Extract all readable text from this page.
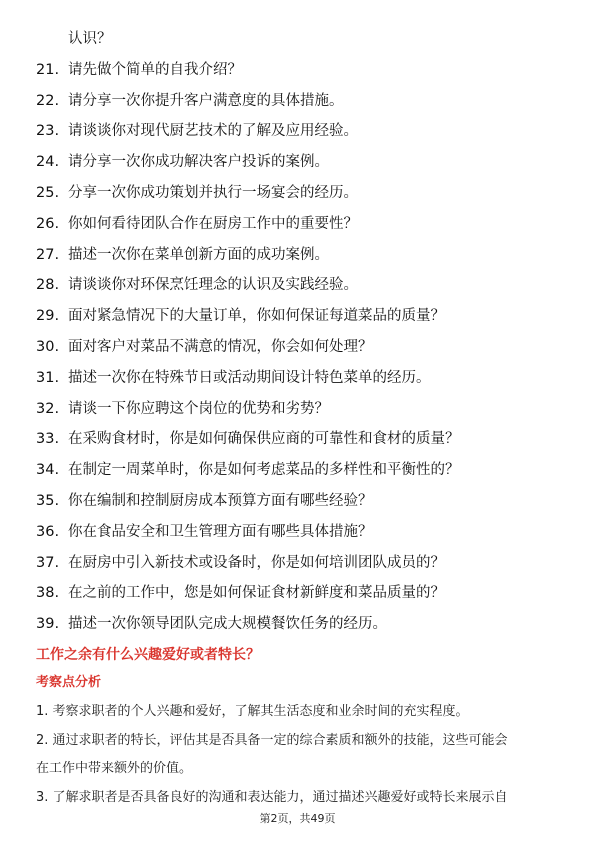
认识？
21. 请先做个简单的自我介绍？
22. 请分享一次你提升客户满意度的具体措施。
23. 请谈谈你对现代厨艺技术的了解及应用经验。
24. 请分享一次你成功解决客户投诉的案例。
25. 分享一次你成功策划并执行一场宴会的经历。
26. 你如何看待团队合作在厨房工作中的重要性？
27. 描述一次你在菜单创新方面的成功案例。
28. 请谈谈你对环保烹饪理念的认识及实践经验。
29. 面对紧急情况下的大量订单，你如何保证每道菜品的质量？
30. 面对客户对菜品不满意的情况，你会如何处理？
31. 描述一次你在特殊节日或活动期间设计特色菜单的经历。
32. 请谈一下你应聘这个岗位的优势和劣势？
33. 在采购食材时，你是如何确保供应商的可靠性和食材的质量？
34. 在制定一周菜单时，你是如何考虑菜品的多样性和平衡性的？
35. 你在编制和控制厨房成本预算方面有哪些经验？
36. 你在食品安全和卫生管理方面有哪些具体措施？
37. 在厨房中引入新技术或设备时，你是如何培训团队成员的？
38. 在之前的工作中，您是如何保证食材新鲜度和菜品质量的？
39. 描述一次你领导团队完成大规模餐饮任务的经历。
工作之余有什么兴趣爱好或者特长？
考察点分析
1. 考察求职者的个人兴趣和爱好，了解其生活态度和业余时间的充实程度。
2. 通过求职者的特长，评估其是否具备一定的综合素质和额外的技能，这些可能会
在工作中带来额外的价值。
3. 了解求职者是否具备良好的沟通和表达能力，通过描述兴趣爱好或特长来展示自
第2页，共49页
